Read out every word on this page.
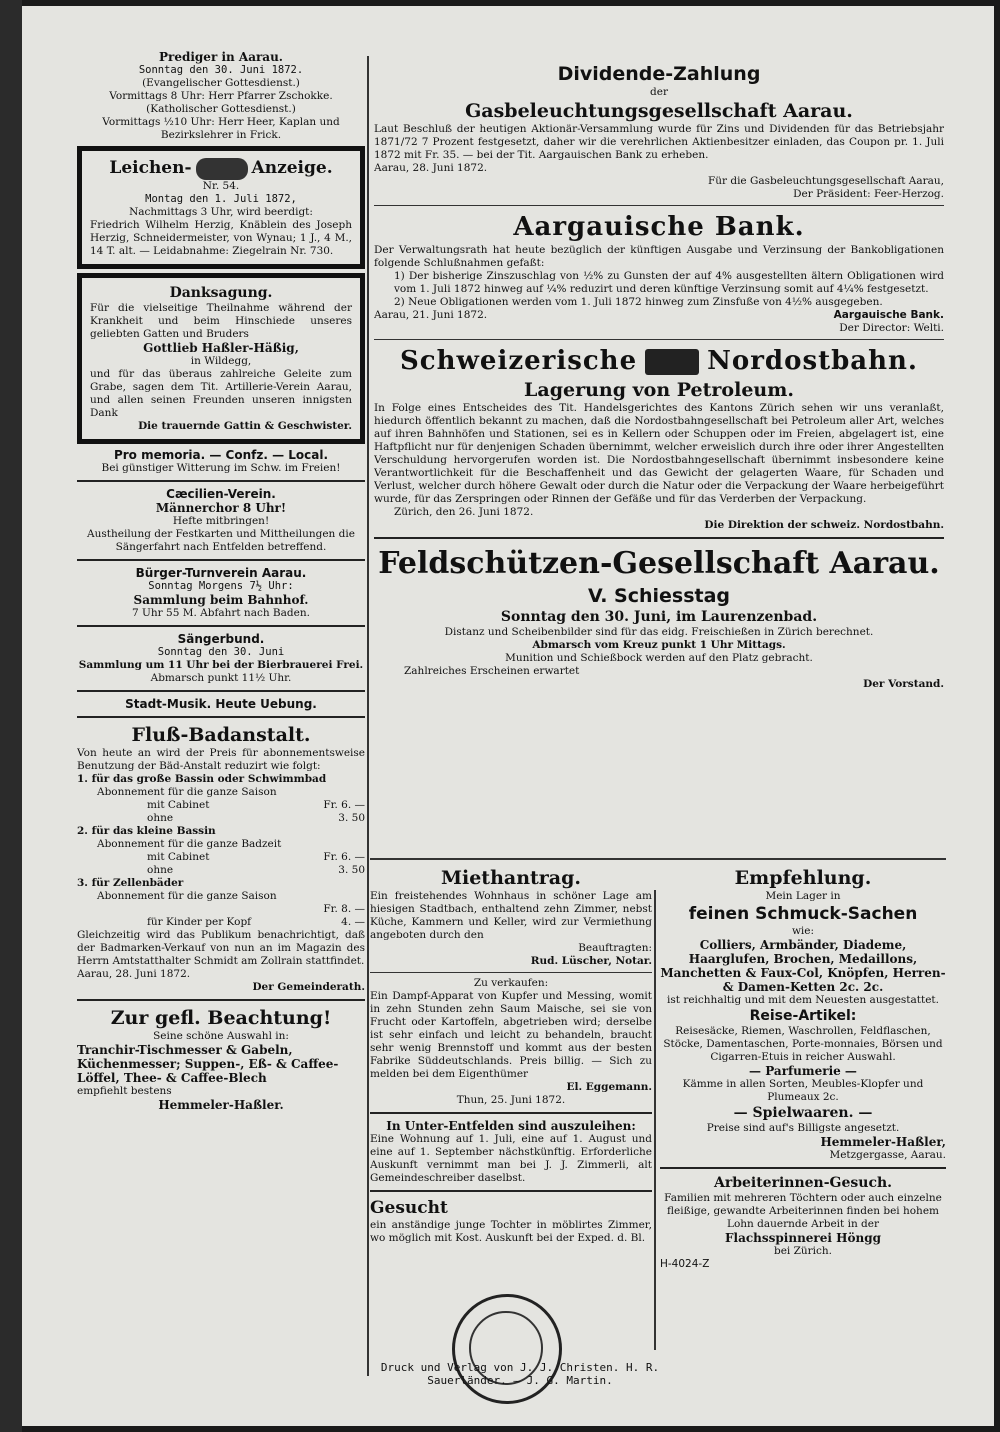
Prediger in Aarau.

Sonntag den 30. Juni 1872.

(Evangelischer Gottesdienst.)

Vormittags 8 Uhr: Herr Pfarrer Zschokke.

(Katholischer Gottesdienst.)

Vormittags ½10 Uhr: Herr Heer, Kaplan und Bezirkslehrer in Frick.

Leichen-	Anzeige.

Nr. 54.

Montag den 1. Juli 1872,

Nachmittags 3 Uhr, wird beerdigt:

Friedrich Wilhelm Herzig, Knäblein des Joseph Herzig, Schneidermeister, von Wynau; 1 J., 4 M., 14 T. alt. — Leidabnahme: Ziegelrain Nr. 730.

Danksagung.

Für die vielseitige Theilnahme während der Krankheit und beim Hinschiede unseres geliebten Gatten und Bruders

Gottlieb Haßler-Häßig,

in Wildegg,

und für das überaus zahlreiche Geleite zum Grabe, sagen dem Tit. Artillerie-Verein Aarau, und allen seinen Freunden unseren innigsten Dank

Die trauernde Gattin & Geschwister.

Pro memoria. — Confz. — Local.

Bei günstiger Witterung im Schw. im Freien!

Cæcilien-Verein.

Männerchor 8 Uhr!

Hefte mitbringen!

Austheilung der Festkarten und Mittheilungen die Sängerfahrt nach Entfelden betreffend.

Bürger-Turnverein Aarau.

Sonntag Morgens 7½ Uhr:

Sammlung beim Bahnhof.

7 Uhr 55 M. Abfahrt nach Baden.

Sängerbund.

Sonntag den 30. Juni

Sammlung um 11 Uhr bei der Bierbrauerei Frei.

Abmarsch punkt 11½ Uhr.

Stadt-Musik. Heute Uebung.

Fluß-Badanstalt.

Von heute an wird der Preis für abonnementsweise Benutzung der Bäd-Anstalt reduzirt wie folgt:

1. für das große Bassin oder Schwimmbad

Abonnement für die ganze Saison

mit Cabinet	Fr. 6. —
ohne	3. 50

2. für das kleine Bassin

Abonnement für die ganze Badzeit

mit Cabinet	Fr. 6. —
ohne	3. 50

3. für Zellenbäder

Abonnement für die ganze Saison

Fr. 8. —

für Kinder per Kopf	4. —

Gleichzeitig wird das Publikum benachrichtigt, daß der Badmarken-Verkauf von nun an im Magazin des Herrn Amtstatthalter Schmidt am Zollrain stattfindet.

Aarau, 28. Juni 1872.

Der Gemeinderath.

Zur gefl. Beachtung!

Seine schöne Auswahl in:

Tranchir-Tischmesser & Gabeln, Küchenmesser; Suppen-, Eß- & Caffee-Löffel, Thee- & Caffee-Blech

empfiehlt bestens

Hemmeler-Haßler.

Dividende-Zahlung

der

Gasbeleuchtungsgesellschaft Aarau.

Laut Beschluß der heutigen Aktionär-Versammlung wurde für Zins und Dividenden für das Betriebsjahr 1871/72 7 Prozent festgesetzt, daher wir die verehrlichen Aktienbesitzer einladen, das Coupon pr. 1. Juli 1872 mit Fr. 35. — bei der Tit. Aargauischen Bank zu erheben.

Aarau, 28. Juni 1872.

Für die Gasbeleuchtungsgesellschaft Aarau,

Der Präsident: Feer-Herzog.

Aargauische Bank.

Der Verwaltungsrath hat heute bezüglich der künftigen Ausgabe und Verzinsung der Bankobligationen folgende Schlußnahmen gefaßt:

1) Der bisherige Zinszuschlag von ½% zu Gunsten der auf 4% ausgestellten ältern Obligationen wird vom 1. Juli 1872 hinweg auf ¼% reduzirt und deren künftige Verzinsung somit auf 4¼% festgesetzt.

2) Neue Obligationen werden vom 1. Juli 1872 hinweg zum Zinsfuße von 4½% ausgegeben.

Aarau, 21. Juni 1872.	Aargauische Bank.

Der Director: Welti.

Schweizerische	Nordostbahn.

Lagerung von Petroleum.

In Folge eines Entscheides des Tit. Handelsgerichtes des Kantons Zürich sehen wir uns veranlaßt, hiedurch öffentlich bekannt zu machen, daß die Nordostbahngesellschaft bei Petroleum aller Art, welches auf ihren Bahnhöfen und Stationen, sei es in Kellern oder Schuppen oder im Freien, abgelagert ist, eine Haftpflicht nur für denjenigen Schaden übernimmt, welcher erweislich durch ihre oder ihrer Angestellten Verschuldung hervorgerufen worden ist. Die Nordostbahngesellschaft übernimmt insbesondere keine Verantwortlichkeit für die Beschaffenheit und das Gewicht der gelagerten Waare, für Schaden und Verlust, welcher durch höhere Gewalt oder durch die Natur oder die Verpackung der Waare herbeigeführt wurde, für das Zerspringen oder Rinnen der Gefäße und für das Verderben der Verpackung.

Zürich, den 26. Juni 1872.

Die Direktion der schweiz. Nordostbahn.

Feldschützen-Gesellschaft Aarau.

V. Schiesstag

Sonntag den 30. Juni, im Laurenzenbad.

Distanz und Scheibenbilder sind für das eidg. Freischießen in Zürich berechnet.

Abmarsch vom Kreuz punkt 1 Uhr Mittags.

Munition und Schießbock werden auf den Platz gebracht.

Zahlreiches Erscheinen erwartet

Der Vorstand.

Miethantrag.

Ein freistehendes Wohnhaus in schöner Lage am hiesigen Stadtbach, enthaltend zehn Zimmer, nebst Küche, Kammern und Keller, wird zur Vermiethung angeboten durch den

Beauftragten:

Rud. Lüscher, Notar.

Zu verkaufen:

Ein Dampf-Apparat von Kupfer und Messing, womit in zehn Stunden zehn Saum Maische, sei sie von Frucht oder Kartoffeln, abgetrieben wird; derselbe ist sehr einfach und leicht zu behandeln, braucht sehr wenig Brennstoff und kommt aus der besten Fabrike Süddeutschlands. Preis billig. — Sich zu melden bei dem Eigenthümer

El. Eggemann.

Thun, 25. Juni 1872.

In Unter-Entfelden sind auszuleihen:

Eine Wohnung auf 1. Juli, eine auf 1. August und eine auf 1. September nächstkünftig. Erforderliche Auskunft vernimmt man bei J. J. Zimmerli, alt Gemeindeschreiber daselbst.

Gesucht

ein anständige junge Tochter in möblirtes Zimmer, wo möglich mit Kost. Auskunft bei der Exped. d. Bl.

Empfehlung.

Mein Lager in

feinen Schmuck-Sachen

wie:

Colliers, Armbänder, Diademe, Haarglufen, Brochen, Medaillons, Manchetten & Faux-Col, Knöpfen, Herren- & Damen-Ketten 2c. 2c.

ist reichhaltig und mit dem Neuesten ausgestattet.

Reise-Artikel:

Reisesäcke, Riemen, Waschrollen, Feldflaschen, Stöcke, Damentaschen, Porte-monnaies, Börsen und Cigarren-Etuis in reicher Auswahl.

— Parfumerie —

Kämme in allen Sorten, Meubles-Klopfer und Plumeaux 2c.

— Spielwaaren. —

Preise sind auf's Billigste angesetzt.

Hemmeler-Haßler,

Metzgergasse, Aarau.

Arbeiterinnen-Gesuch.

Familien mit mehreren Töchtern oder auch einzelne fleißige, gewandte Arbeiterinnen finden bei hohem Lohn dauernde Arbeit in der

Flachsspinnerei Höngg

bei Zürich.

H-4024-Z

Druck und Verlag von J. J. Christen. H. R. Sauerländer. — J. G. Martin.
